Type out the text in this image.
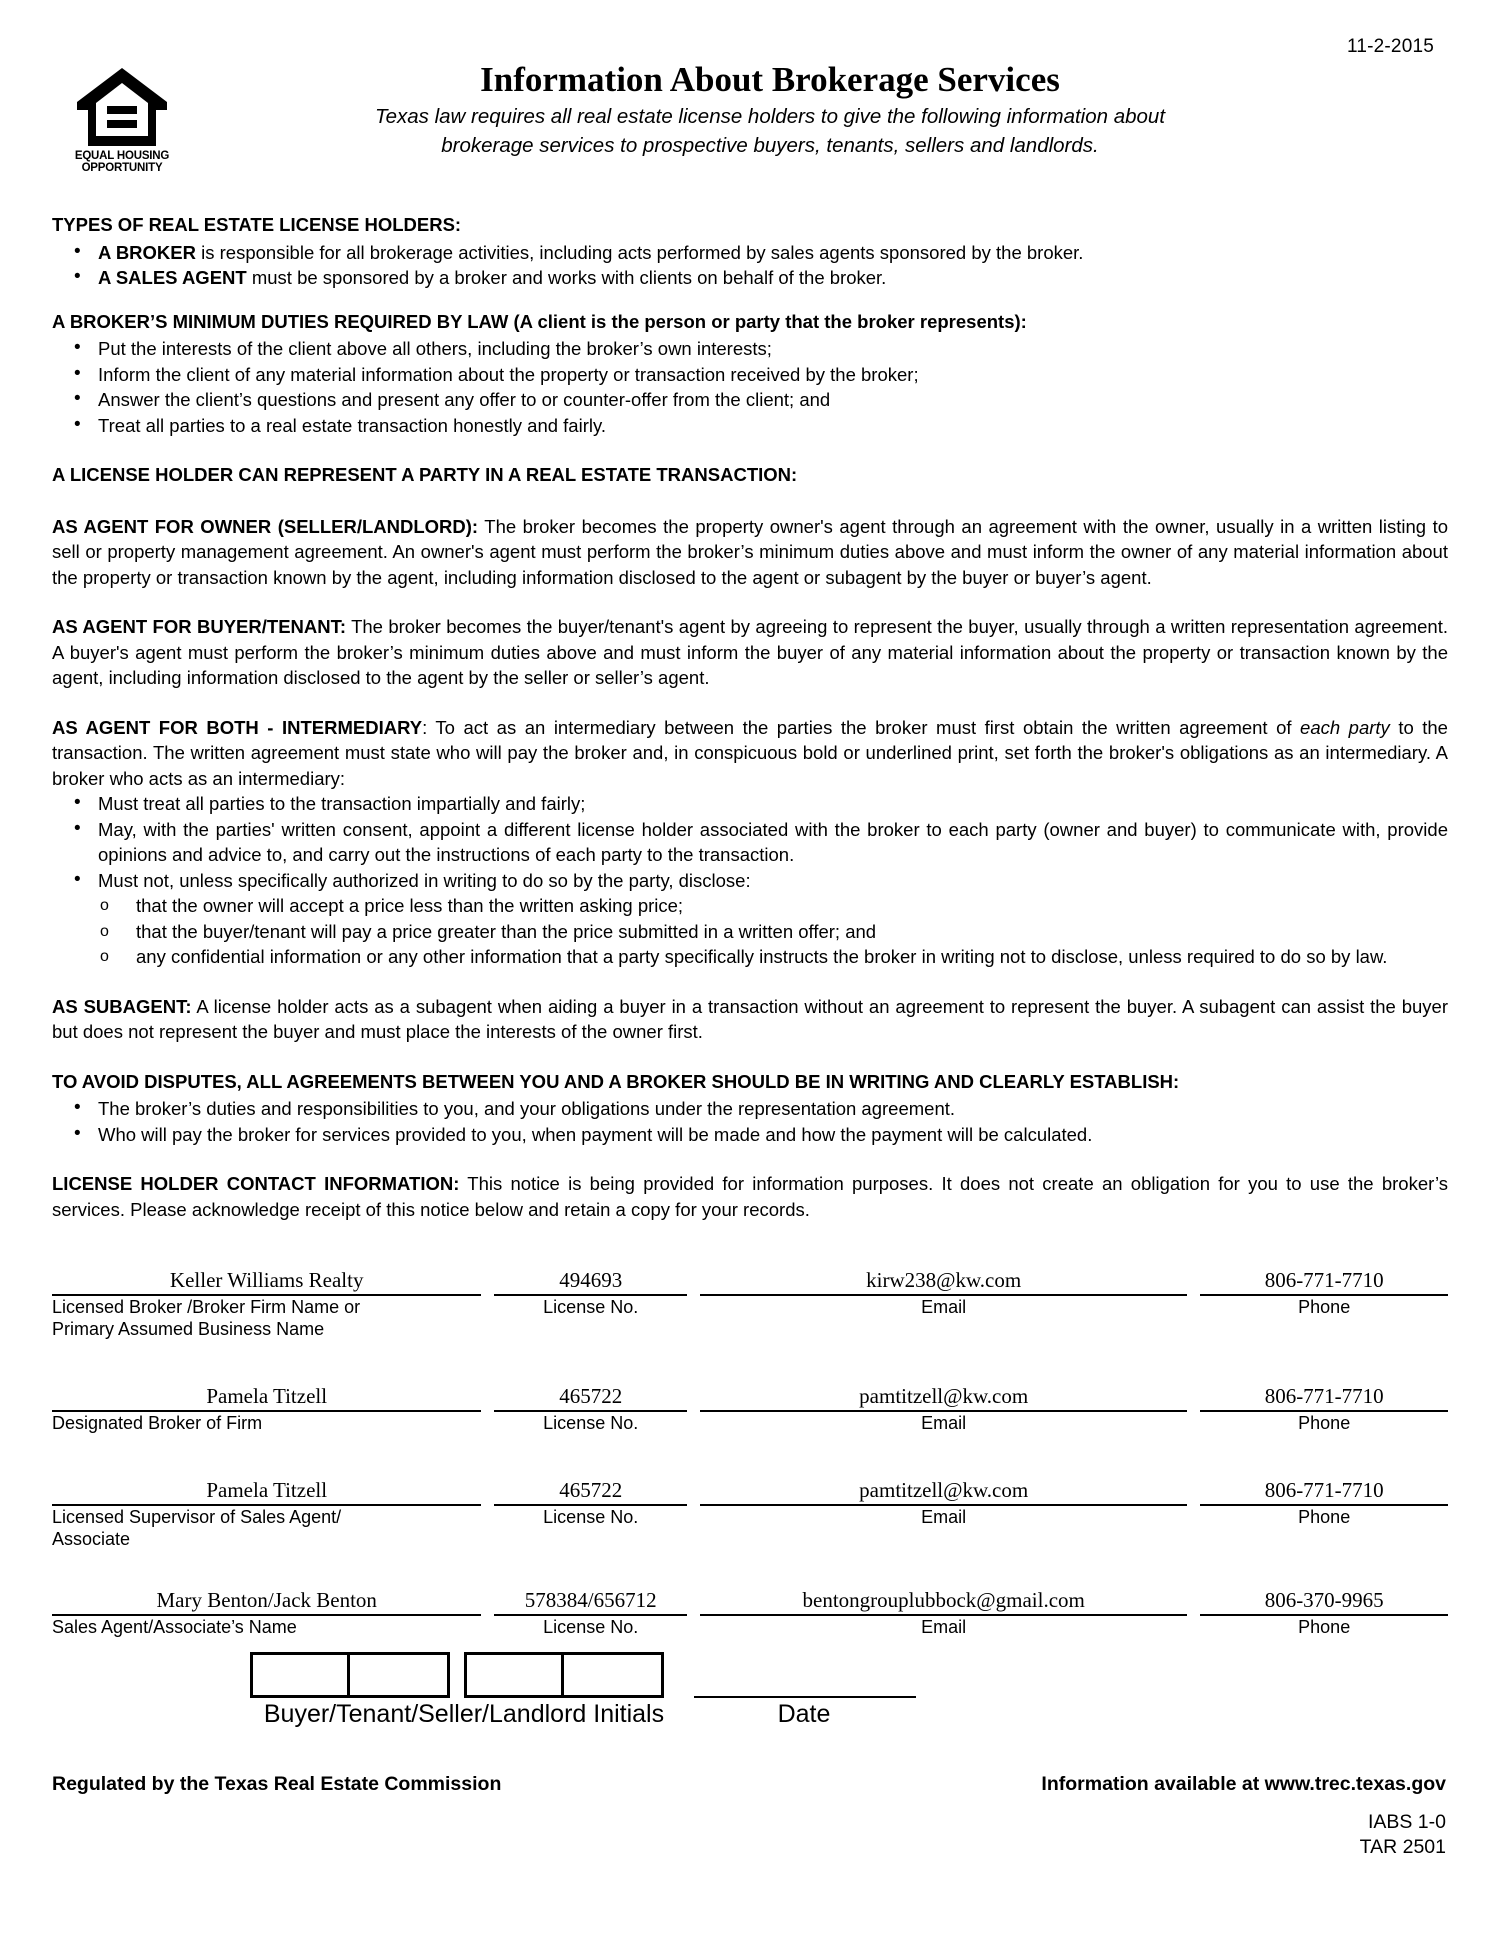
11-2-2015
EQUAL HOUSING
OPPORTUNITY
Information About Brokerage Services
Texas law requires all real estate license holders to give the following information about
brokerage services to prospective buyers, tenants, sellers and landlords.
TYPES OF REAL ESTATE LICENSE HOLDERS:
• A BROKER is responsible for all brokerage activities, including acts performed by sales agents sponsored by the broker.
• A SALES AGENT must be sponsored by a broker and works with clients on behalf of the broker.
A BROKER’S MINIMUM DUTIES REQUIRED BY LAW (A client is the person or party that the broker represents):
• Put the interests of the client above all others, including the broker’s own interests;
• Inform the client of any material information about the property or transaction received by the broker;
• Answer the client’s questions and present any offer to or counter-offer from the client; and
• Treat all parties to a real estate transaction honestly and fairly.
A LICENSE HOLDER CAN REPRESENT A PARTY IN A REAL ESTATE TRANSACTION:

AS AGENT FOR OWNER (SELLER/LANDLORD): The broker becomes the property owner's agent through an agreement with the owner, usually in a written listing to sell or property management agreement. An owner's agent must perform the broker’s minimum duties above and must inform the owner of any material information about the property or transaction known by the agent, including information disclosed to the agent or subagent by the buyer or buyer’s agent.

AS AGENT FOR BUYER/TENANT: The broker becomes the buyer/tenant's agent by agreeing to represent the buyer, usually through a written representation agreement. A buyer's agent must perform the broker’s minimum duties above and must inform the buyer of any material information about the property or transaction known by the agent, including information disclosed to the agent by the seller or seller’s agent.

AS AGENT FOR BOTH - INTERMEDIARY: To act as an intermediary between the parties the broker must first obtain the written agreement of each party to the transaction. The written agreement must state who will pay the broker and, in conspicuous bold or underlined print, set forth the broker's obligations as an intermediary. A broker who acts as an intermediary:

• Must treat all parties to the transaction impartially and fairly;
• May, with the parties' written consent, appoint a different license holder associated with the broker to each party (owner and buyer) to communicate with, provide opinions and advice to, and carry out the instructions of each party to the transaction.
• Must not, unless specifically authorized in writing to do so by the party, disclose:
o that the owner will accept a price less than the written asking price;
o that the buyer/tenant will pay a price greater than the price submitted in a written offer; and
o any confidential information or any other information that a party specifically instructs the broker in writing not to disclose, unless required to do so by law.

AS SUBAGENT: A license holder acts as a subagent when aiding a buyer in a transaction without an agreement to represent the buyer. A subagent can assist the buyer but does not represent the buyer and must place the interests of the owner first.

TO AVOID DISPUTES, ALL AGREEMENTS BETWEEN YOU AND A BROKER SHOULD BE IN WRITING AND CLEARLY ESTABLISH:
• The broker’s duties and responsibilities to you, and your obligations under the representation agreement.
• Who will pay the broker for services provided to you, when payment will be made and how the payment will be calculated.

LICENSE HOLDER CONTACT INFORMATION: This notice is being provided for information purposes. It does not create an obligation for you to use the broker’s services. Please acknowledge receipt of this notice below and retain a copy for your records.

Keller Williams Realty	494693	kirw238@kw.com	806-771-7710
Licensed Broker /Broker Firm Name or
Primary Assumed Business Name
License No.	Email	Phone
Pamela Titzell	465722	pamtitzell@kw.com	806-771-7710
Designated Broker of Firm	License No.	Email	Phone
Pamela Titzell	465722	pamtitzell@kw.com	806-771-7710
Licensed Supervisor of Sales Agent/
Associate
License No.	Email	Phone
Mary Benton/Jack Benton	578384/656712	bentongrouplubbock@gmail.com	806-370-9965
Sales Agent/Associate’s Name	License No.	Email	Phone
Buyer/Tenant/Seller/Landlord Initials	Date
Regulated by the Texas Real Estate Commission	Information available at www.trec.texas.gov
IABS 1-0
TAR 2501
